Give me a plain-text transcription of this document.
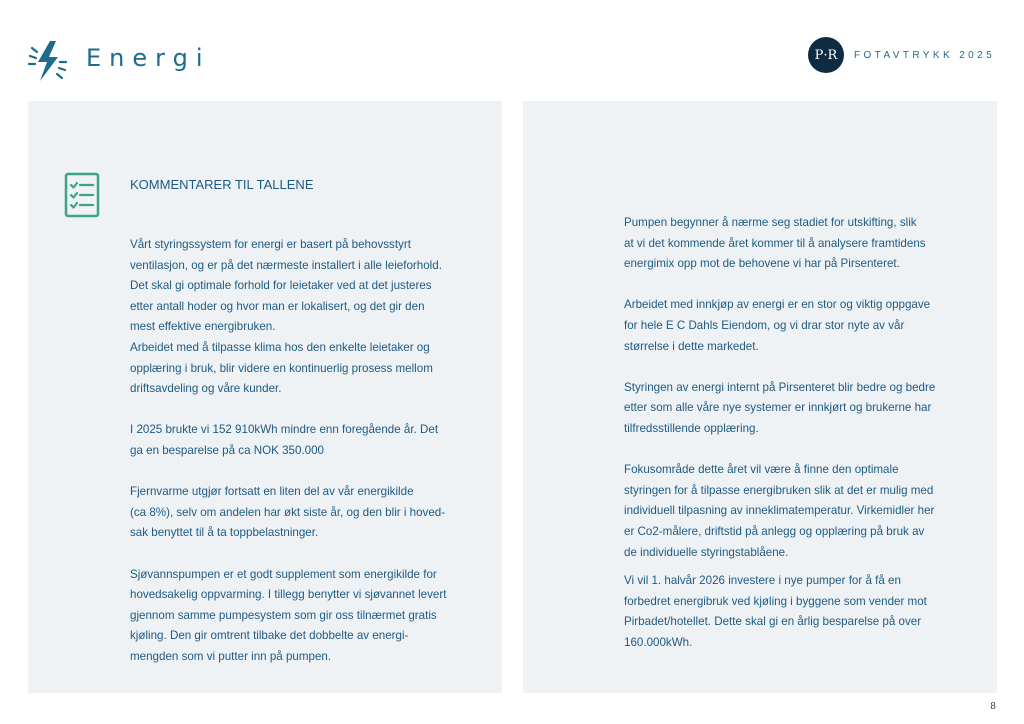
Energi	P·R	FOTAVTRYKK 2025
KOMMENTARER TIL TALLENE

Vårt styringssystem for energi er basert på behovsstyrt
ventilasjon, og er på det nærmeste installert i alle leieforhold.
Det skal gi optimale forhold for leietaker ved at det justeres
etter antall hoder og hvor man er lokalisert, og det gir den
mest effektive energibruken.
Arbeidet med å tilpasse klima hos den enkelte leietaker og
opplæring i bruk, blir videre en kontinuerlig prosess mellom
driftsavdeling og våre kunder.

I 2025 brukte vi 152 910kWh mindre enn foregående år. Det
ga en besparelse på ca NOK 350.000

Fjernvarme utgjør fortsatt en liten del av vår energikilde
(ca 8%), selv om andelen har økt siste år, og den blir i hoved-
sak benyttet til å ta toppbelastninger.

Sjøvannspumpen er et godt supplement som energikilde for
hovedsakelig oppvarming. I tillegg benytter vi sjøvannet levert
gjennom samme pumpesystem som gir oss tilnærmet gratis
kjøling. Den gir omtrent tilbake det dobbelte av energi-
mengden som vi putter inn på pumpen.

Pumpen begynner å nærme seg stadiet for utskifting, slik
at vi det kommende året kommer til å analysere framtidens
energimix opp mot de behovene vi har på Pirsenteret.

Arbeidet med innkjøp av energi er en stor og viktig oppgave
for hele E C Dahls Eiendom, og vi drar stor nyte av vår
størrelse i dette markedet.

Styringen av energi internt på Pirsenteret blir bedre og bedre
etter som alle våre nye systemer er innkjørt og brukerne har
tilfredsstillende opplæring.

Fokusområde dette året vil være å finne den optimale
styringen for å tilpasse energibruken slik at det er mulig med
individuell tilpasning av inneklimatemperatur. Virkemidler her
er Co2-målere, driftstid på anlegg og opplæring på bruk av
de individuelle styringstablåene.

Vi vil 1. halvår 2026 investere i nye pumper for å få en
forbedret energibruk ved kjøling i byggene som vender mot
Pirbadet/hotellet. Dette skal gi en årlig besparelse på over
160.000kWh.

8
